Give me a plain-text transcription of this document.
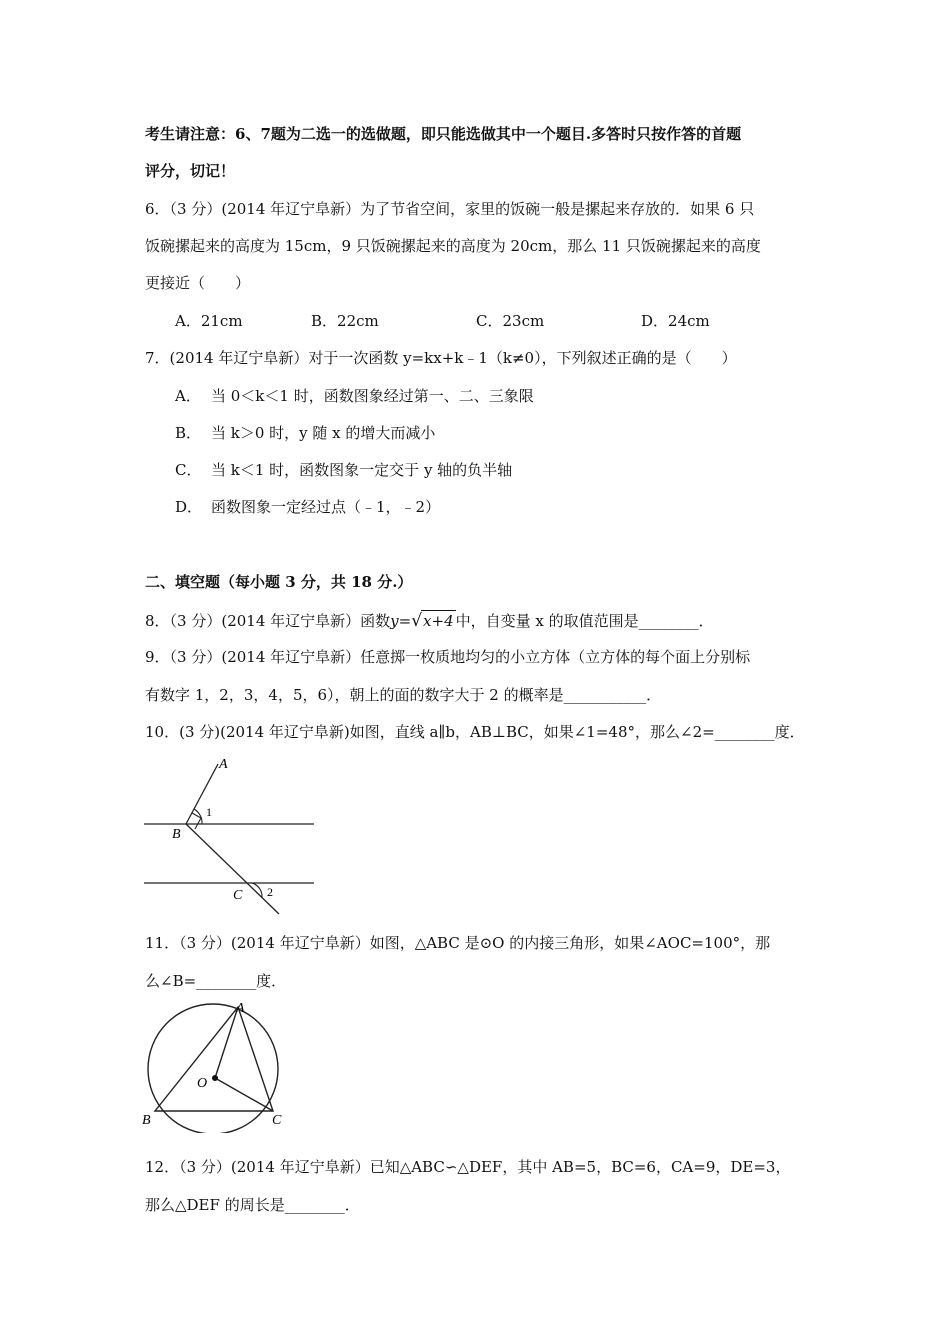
考生请注意：6、7题为二选一的选做题，即只能选做其中一个题目.多答时只按作答的首题
评分，切记！
6．（3 分）(2014 年辽宁阜新）为了节省空间，家里的饭碗一般是摞起来存放的．如果 6 只
饭碗摞起来的高度为 15cm，9 只饭碗摞起来的高度为 20cm，那么 11 只饭碗摞起来的高度
更接近（　　）
A．21cm	B．22cm	C．23cm	D．24cm
7．(2014 年辽宁阜新）对于一次函数 y=kx+k﹣1（k≠0），下列叙述正确的是（　　）
A． 当 0＜k＜1 时，函数图象经过第一、二、三象限
B． 当 k＞0 时，y 随 x 的增大而减小
C． 当 k＜1 时，函数图象一定交于 y 轴的负半轴
D． 函数图象一定经过点（﹣1，﹣2）
二、填空题（每小题 3 分，共 18 分.）
8．（3 分）(2014 年辽宁阜新）函数y=√x+4 中，自变量 x 的取值范围是________．
9．（3 分）(2014 年辽宁阜新）任意掷一枚质地均匀的小立方体（立方体的每个面上分别标
有数字 1，2，3，4，5，6），朝上的面的数字大于 2 的概率是___________．
10．(3 分)(2014 年辽宁阜新)如图，直线 a∥b，AB⊥BC，如果∠1=48°，那么∠2=________度．
A
B
C
1
2
11．（3 分）(2014 年辽宁阜新）如图，△ABC 是⊙O 的内接三角形，如果∠AOC=100°，那
么∠B=________度．
A
B	C
O
12．（3 分）(2014 年辽宁阜新）已知△ABC∽△DEF，其中 AB=5，BC=6，CA=9，DE=3，
那么△DEF 的周长是________．
